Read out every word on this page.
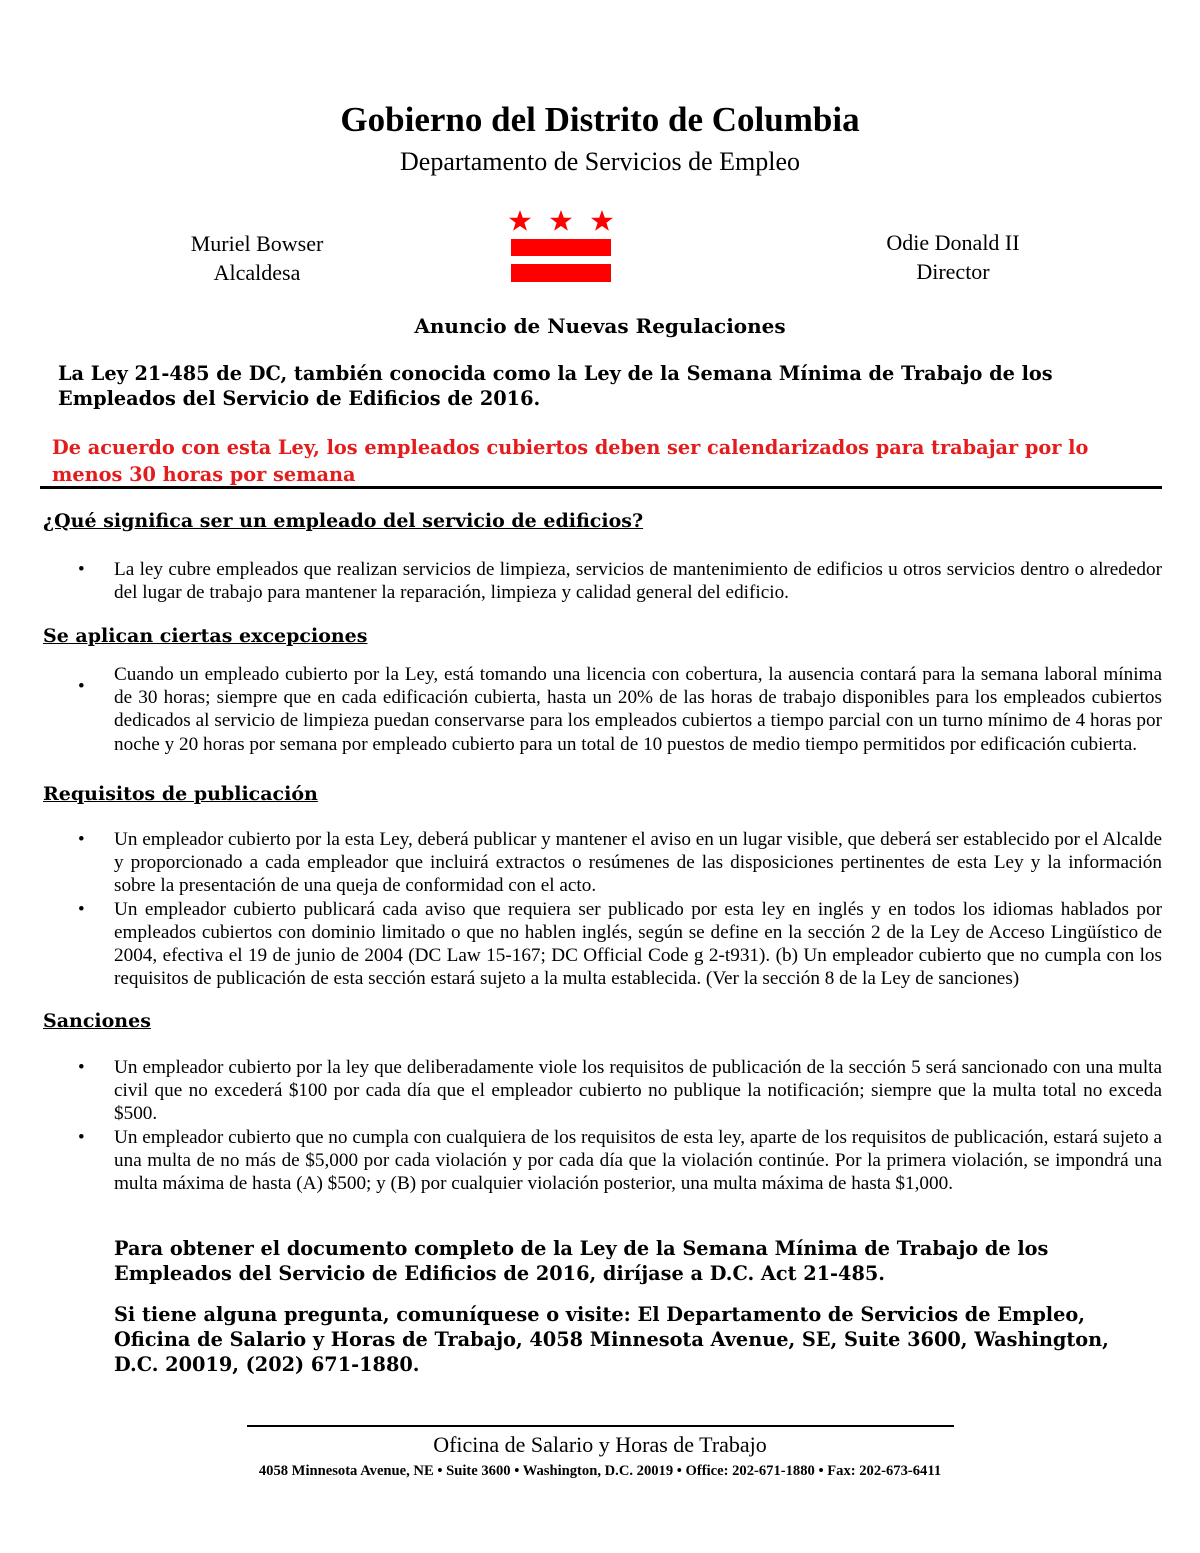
Gobierno del Distrito de Columbia
Departamento de Servicios de Empleo
Muriel Bowser
Alcaldesa
Odie Donald II
Director
Anuncio de Nuevas Regulaciones
La Ley 21-485 de DC, también conocida como la Ley de la Semana Mínima de Trabajo de los Empleados del Servicio de Edificios de 2016.
De acuerdo con esta Ley, los empleados cubiertos deben ser calendarizados para trabajar por lo menos 30 horas por semana
¿Qué significa ser un empleado del servicio de edificios?
• La ley cubre empleados que realizan servicios de limpieza, servicios de mantenimiento de edificios u otros servicios dentro o alrededor del lugar de trabajo para mantener la reparación, limpieza y calidad general del edificio.
Se aplican ciertas excepciones
•
Cuando un empleado cubierto por la Ley, está tomando una licencia con cobertura, la ausencia contará para la semana laboral mínima de 30 horas; siempre que en cada edificación cubierta, hasta un 20% de las horas de trabajo disponibles para los empleados cubiertos dedicados al servicio de limpieza puedan conservarse para los empleados cubiertos a tiempo parcial con un turno mínimo de 4 horas por noche y 20 horas por semana por empleado cubierto para un total de 10 puestos de medio tiempo permitidos por edificación cubierta.
Requisitos de publicación
• Un empleador cubierto por la esta Ley, deberá publicar y mantener el aviso en un lugar visible, que deberá ser establecido por el Alcalde y proporcionado a cada empleador que incluirá extractos o resúmenes de las disposiciones pertinentes de esta Ley y la información sobre la presentación de una queja de conformidad con el acto.
• Un empleador cubierto publicará cada aviso que requiera ser publicado por esta ley en inglés y en todos los idiomas hablados por empleados cubiertos con dominio limitado o que no hablen inglés, según se define en la sección 2 de la Ley de Acceso Lingüístico de 2004, efectiva el 19 de junio de 2004 (DC Law 15-167; DC Official Code g 2-t931). (b) Un empleador cubierto que no cumpla con los requisitos de publicación de esta sección estará sujeto a la multa establecida. (Ver la sección 8 de la Ley de sanciones)
Sanciones
• Un empleador cubierto por la ley que deliberadamente viole los requisitos de publicación de la sección 5 será sancionado con una multa civil que no excederá $100 por cada día que el empleador cubierto no publique la notificación; siempre que la multa total no exceda $500.
• Un empleador cubierto que no cumpla con cualquiera de los requisitos de esta ley, aparte de los requisitos de publicación, estará sujeto a una multa de no más de $5,000 por cada violación y por cada día que la violación continúe. Por la primera violación, se impondrá una multa máxima de hasta (A) $500; y (B) por cualquier violación posterior, una multa máxima de hasta $1,000.
Para obtener el documento completo de la Ley de la Semana Mínima de Trabajo de los Empleados del Servicio de Edificios de 2016, diríjase a D.C. Act 21-485.
Si tiene alguna pregunta, comuníquese o visite: El Departamento de Servicios de Empleo, Oficina de Salario y Horas de Trabajo, 4058 Minnesota Avenue, SE, Suite 3600, Washington, D.C. 20019, (202) 671-1880.
Oficina de Salario y Horas de Trabajo
4058 Minnesota Avenue, NE • Suite 3600 • Washington, D.C. 20019 • Office: 202-671-1880 • Fax: 202-673-6411
